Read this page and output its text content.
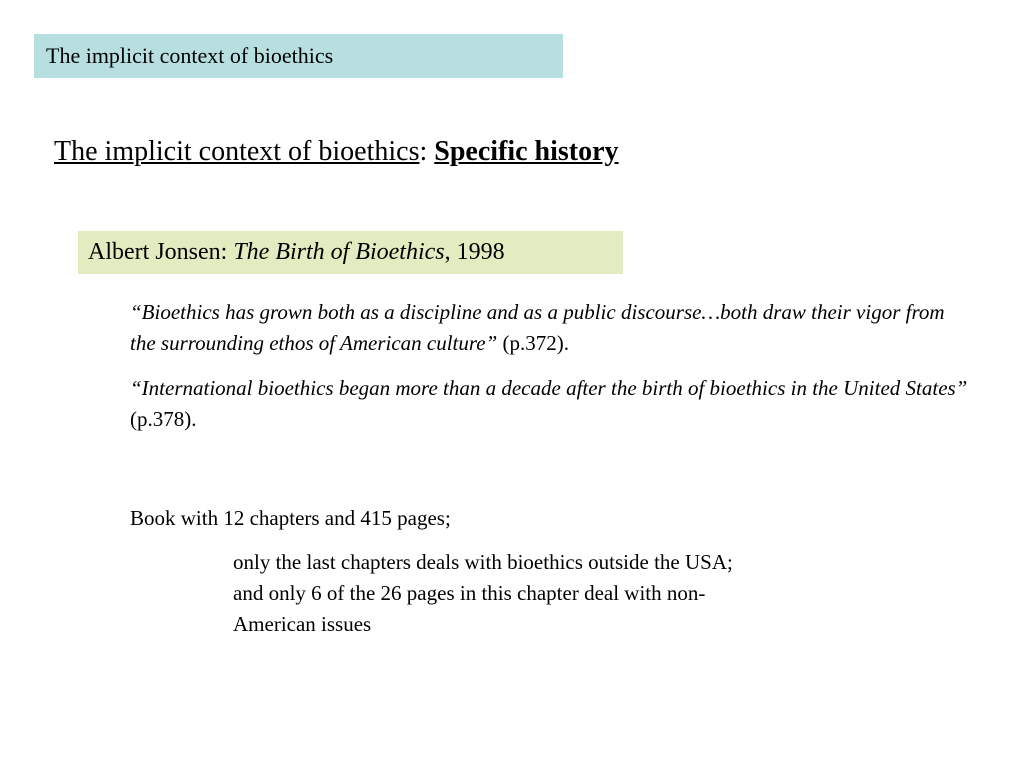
The implicit context of bioethics
The implicit context of bioethics: Specific history
Albert Jonsen: The Birth of Bioethics , 1998
“Bioethics has grown both as a discipline and as a public discourse…both draw their vigor from the surrounding ethos of American culture” (p.372).
“International bioethics began more than a decade after the birth of bioethics in the United States” (p.378).
Book with 12 chapters and 415 pages;
only the last chapters deals with bioethics outside the USA;
and only 6 of the 26 pages in this chapter deal with non-
American issues
